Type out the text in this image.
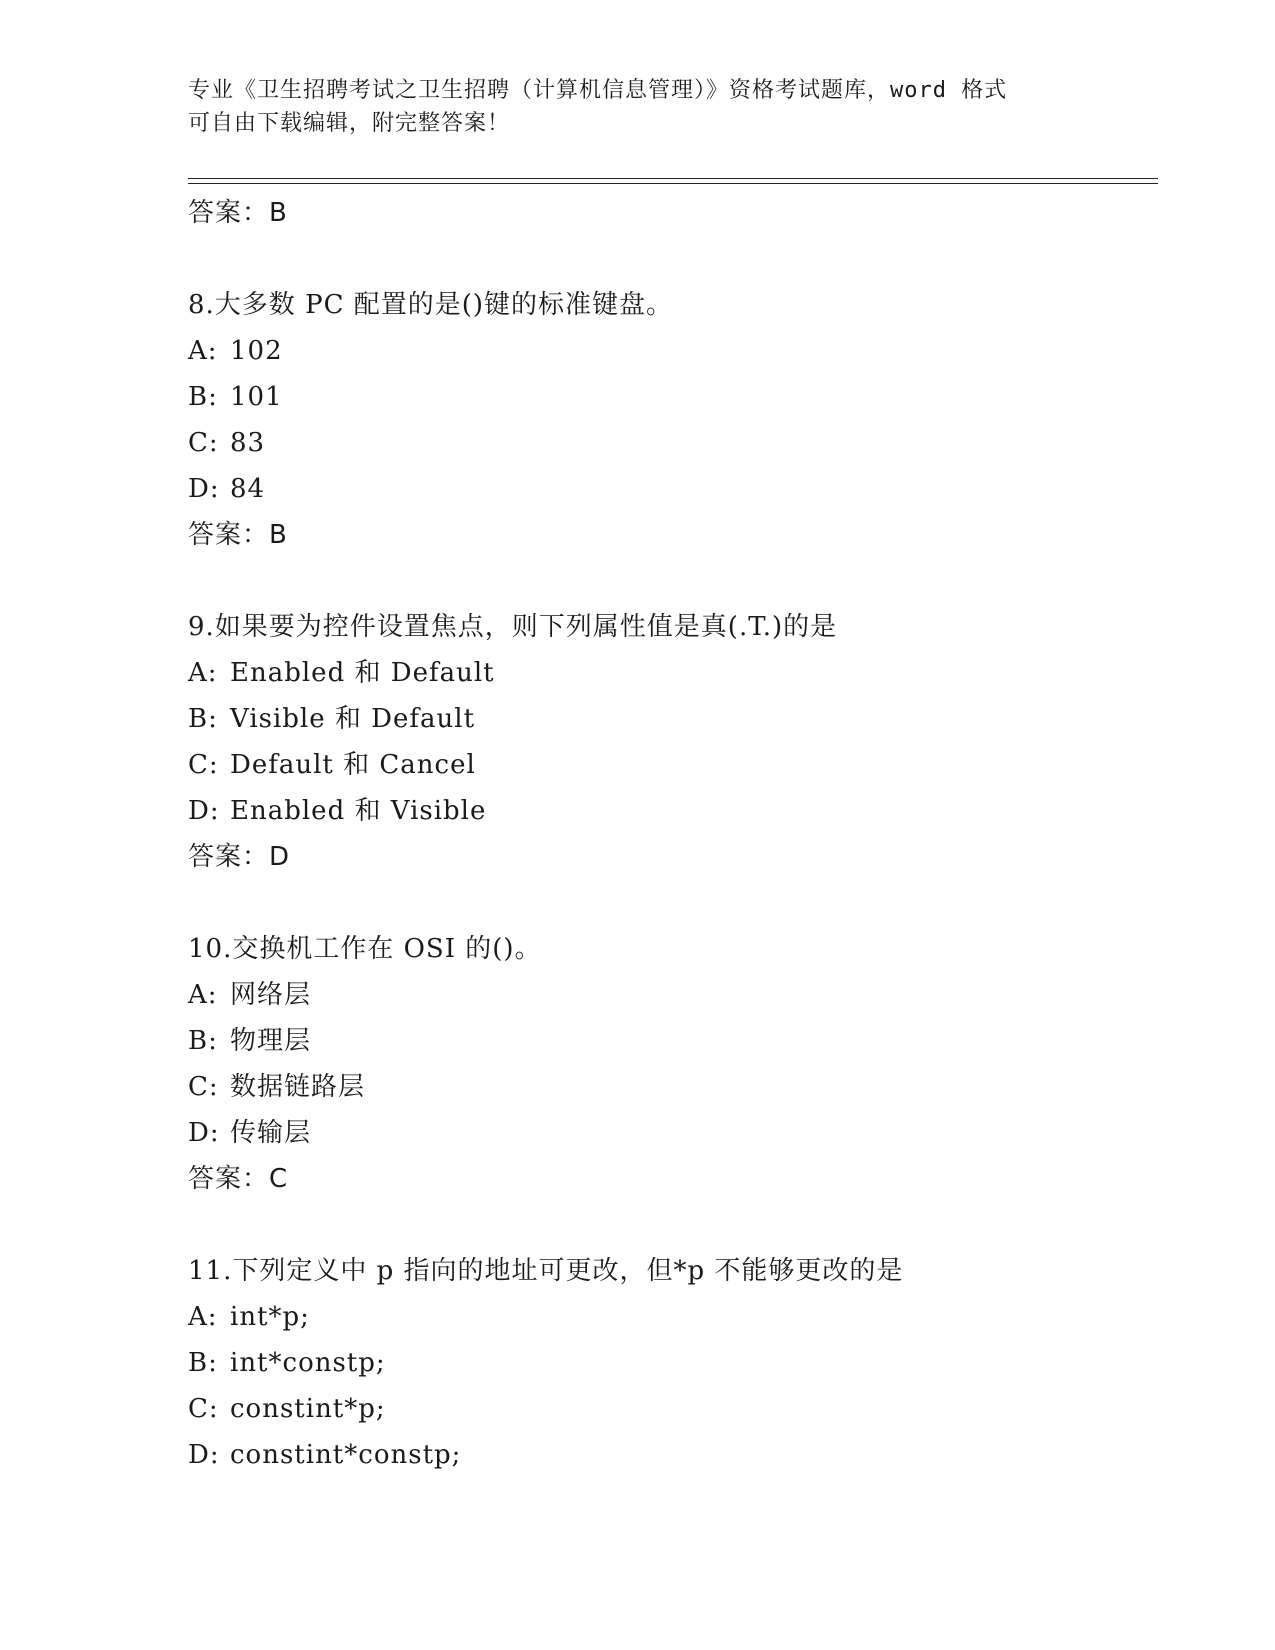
专业《卫生招聘考试之卫生招聘（计算机信息管理）》资格考试题库，word 格式
可自由下载编辑，附完整答案！
答案：B
8.大多数 PC 配置的是()键的标准键盘。
A: 102
B: 101
C: 83
D: 84
答案：B
9.如果要为控件设置焦点，则下列属性值是真(.T.)的是
A: Enabled 和 Default
B: Visible 和 Default
C: Default 和 Cancel
D: Enabled 和 Visible
答案：D
10.交换机工作在 OSI 的()。
A: 网络层
B: 物理层
C: 数据链路层
D: 传输层
答案：C
11.下列定义中 p 指向的地址可更改，但*p 不能够更改的是
A: int*p;
B: int*constp;
C: constint*p;
D: constint*constp;
